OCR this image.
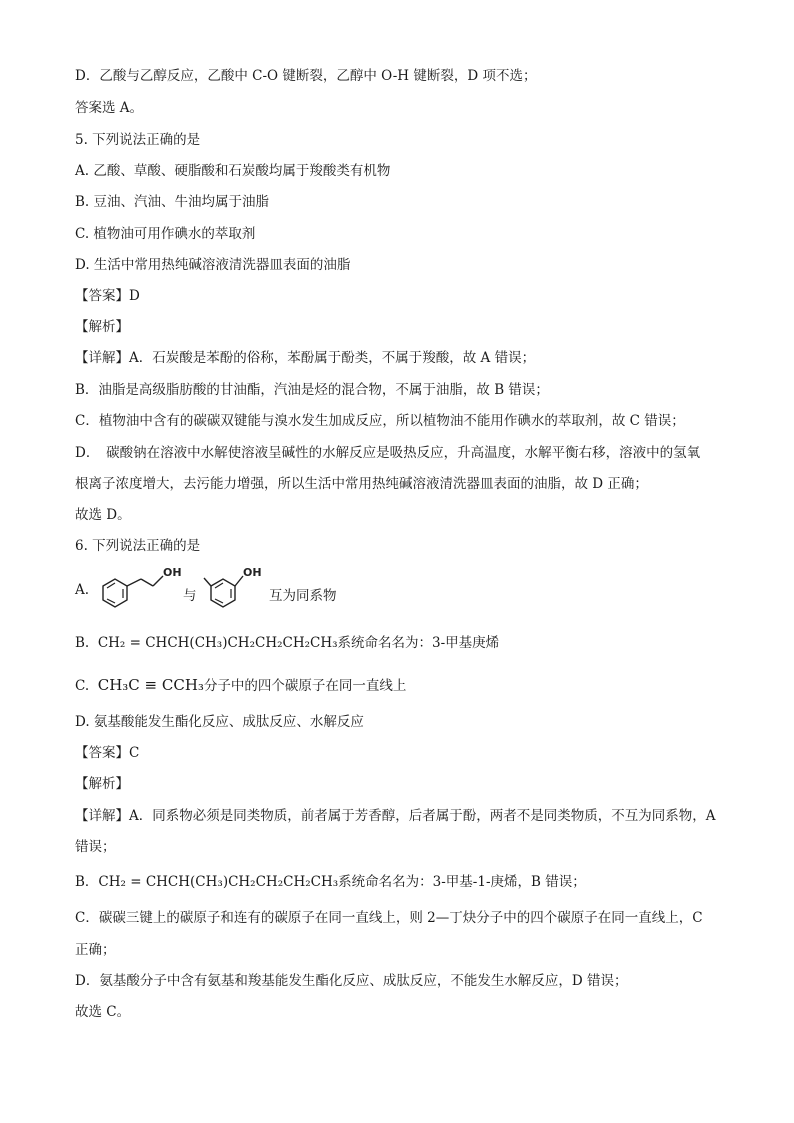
D．乙酸与乙醇反应，乙酸中 C-O 键断裂，乙醇中 O-H 键断裂，D 项不选；
答案选 A。
5. 下列说法正确的是
A. 乙酸、草酸、硬脂酸和石炭酸均属于羧酸类有机物
B. 豆油、汽油、牛油均属于油脂
C. 植物油可用作碘水的萃取剂
D. 生活中常用热纯碱溶液清洗器皿表面的油脂
【答案】D
【解析】
【详解】A．石炭酸是苯酚的俗称，苯酚属于酚类，不属于羧酸，故 A 错误；
B．油脂是高级脂肪酸的甘油酯，汽油是烃的混合物，不属于油脂，故 B 错误；
C．植物油中含有的碳碳双键能与溴水发生加成反应，所以植物油不能用作碘水的萃取剂，故 C 错误；
D．　碳酸钠在溶液中水解使溶液呈碱性的水解反应是吸热反应，升高温度，水解平衡右移，溶液中的氢氧
根离子浓度增大，去污能力增强，所以生活中常用热纯碱溶液清洗器皿表面的油脂，故 D 正确；
故选 D。
6. 下列说法正确的是
A.
OH
与
OH
互为同系物
B. CH₂ = CHCH(CH₃)CH₂CH₂CH₂CH₃系统命名名为：3-甲基庚烯
C. CH₃C ≡ CCH₃分子中的四个碳原子在同一直线上
D. 氨基酸能发生酯化反应、成肽反应、水解反应
【答案】C
【解析】
【详解】A．同系物必须是同类物质，前者属于芳香醇，后者属于酚，两者不是同类物质，不互为同系物，A
错误；
B．CH₂ = CHCH(CH₃)CH₂CH₂CH₂CH₃系统命名名为：3-甲基-1-庚烯，B 错误；
C．碳碳三键上的碳原子和连有的碳原子在同一直线上，则 2—丁炔分子中的四个碳原子在同一直线上，C
正确；
D．氨基酸分子中含有氨基和羧基能发生酯化反应、成肽反应，不能发生水解反应，D 错误；
故选 C。
